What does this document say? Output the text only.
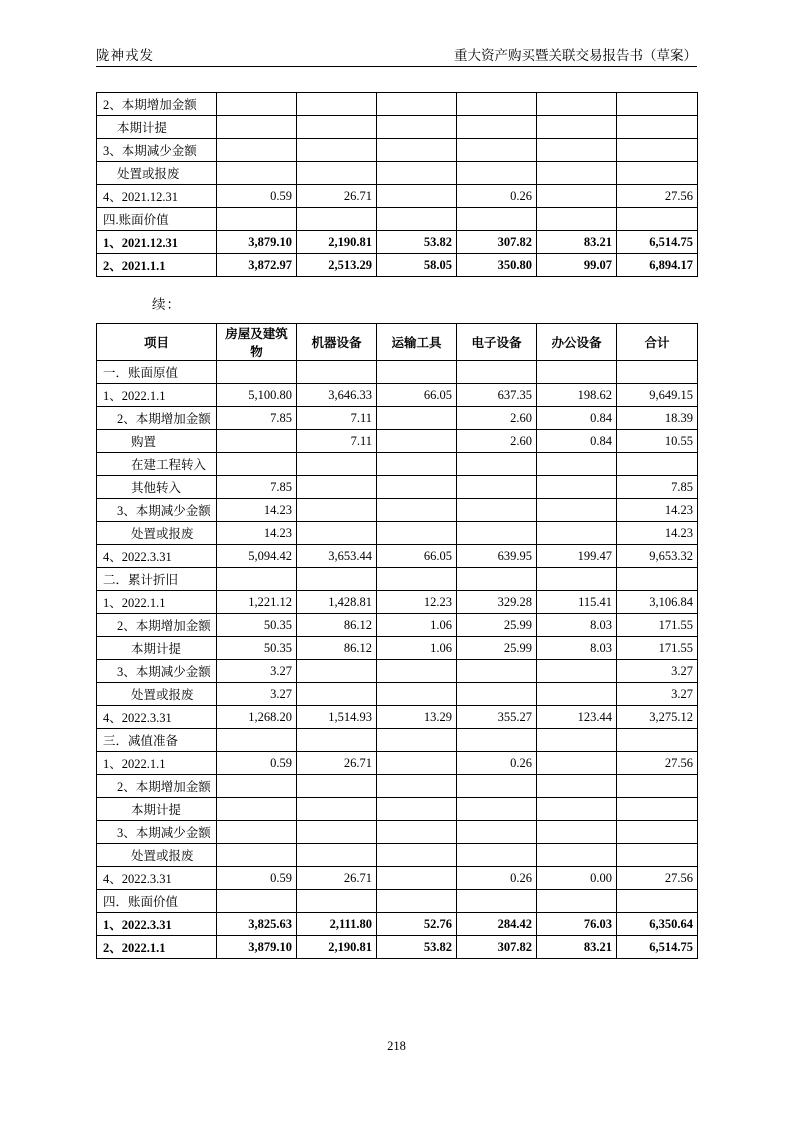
陇神戎发	重大资产购买暨关联交易报告书（草案）
2、本期增加金额						
本期计提						
3、本期减少金额						
处置或报废						
4、2021.12.31	0.59	26.71		0.26		27.56
四.账面价值						
1、2021.12.31	3,879.10	2,190.81	53.82	307.82	83.21	6,514.75
2、2021.1.1	3,872.97	2,513.29	58.05	350.80	99.07	6,894.17
续：
项目	房屋及建筑物	机器设备	运输工具	电子设备	办公设备	合计
一．账面原值						
1、2022.1.1	5,100.80	3,646.33	66.05	637.35	198.62	9,649.15
2、本期增加金额	7.85	7.11		2.60	0.84	18.39
购置		7.11		2.60	0.84	10.55
在建工程转入						
其他转入	7.85					7.85
3、本期减少金额	14.23					14.23
处置或报废	14.23					14.23
4、2022.3.31	5,094.42	3,653.44	66.05	639.95	199.47	9,653.32
二．累计折旧						
1、2022.1.1	1,221.12	1,428.81	12.23	329.28	115.41	3,106.84
2、本期增加金额	50.35	86.12	1.06	25.99	8.03	171.55
本期计提	50.35	86.12	1.06	25.99	8.03	171.55
3、本期减少金额	3.27					3.27
处置或报废	3.27					3.27
4、2022.3.31	1,268.20	1,514.93	13.29	355.27	123.44	3,275.12
三．减值准备						
1、2022.1.1	0.59	26.71		0.26		27.56
2、本期增加金额						
本期计提						
3、本期减少金额						
处置或报废						
4、2022.3.31	0.59	26.71		0.26	0.00	27.56
四．账面价值						
1、2022.3.31	3,825.63	2,111.80	52.76	284.42	76.03	6,350.64
2、2022.1.1	3,879.10	2,190.81	53.82	307.82	83.21	6,514.75
218
